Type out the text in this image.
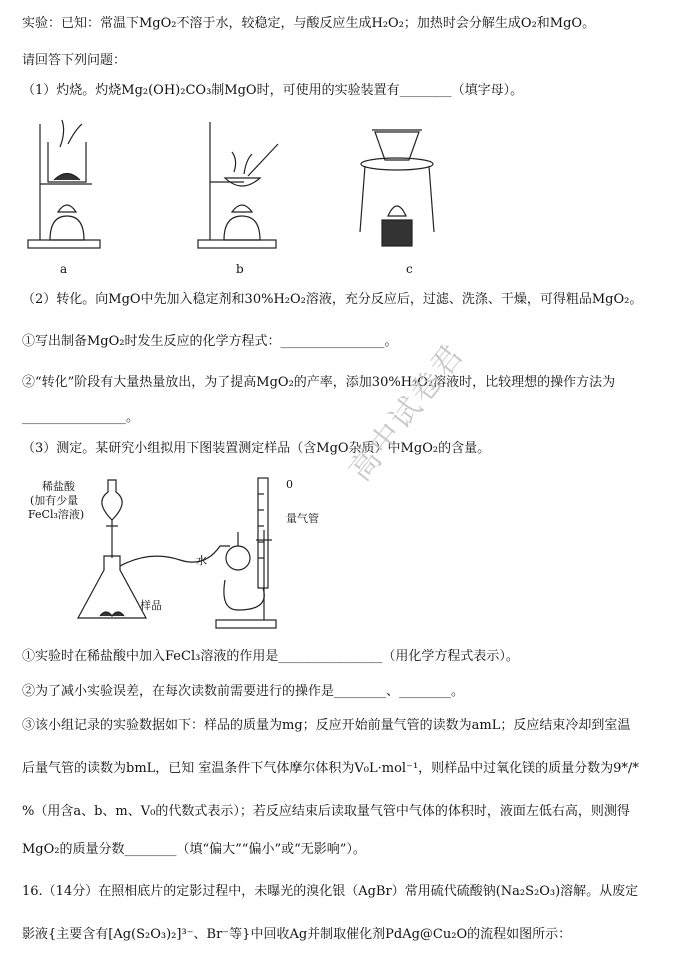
实验：已知：常温下MgO₂不溶于水，较稳定，与酸反应生成H₂O₂；加热时会分解生成O₂和MgO。
请回答下列问题：
（1）灼烧。灼烧Mg₂(OH)₂CO₃制MgO时，可使用的实验装置有________（填字母）。
a	b	c
（2）转化。向MgO中先加入稳定剂和30%H₂O₂溶液，充分反应后，过滤、洗涤、干燥，可得粗品MgO₂。
①写出制备MgO₂时发生反应的化学方程式：________________。
②“转化”阶段有大量热量放出，为了提高MgO₂的产率，添加30%H₂O₂溶液时，比较理想的操作方法为
________________。
（3）测定。某研究小组拟用下图装置测定样品（含MgO杂质）中MgO₂的含量。
稀盐酸
(加有少量
FeCl₃溶液)
样品
水
量气管
0
①实验时在稀盐酸中加入FeCl₃溶液的作用是________________（用化学方程式表示）。
②为了减小实验误差，在每次读数前需要进行的操作是________、________。
③该小组记录的实验数据如下：样品的质量为mg；反应开始前量气管的读数为amL；反应结束冷却到室温
后量气管的读数为bmL，已知 室温条件下气体摩尔体积为V₀L·mol⁻¹，则样品中过氧化镁的质量分数为9*/*
%（用含a、b、m、V₀的代数式表示）；若反应结束后读取量气管中气体的体积时，液面左低右高，则测得
MgO₂的质量分数________（填“偏大”“偏小”或“无影响”）。
16.（14分）在照相底片的定影过程中，未曝光的溴化银（AgBr）常用硫代硫酸钠(Na₂S₂O₃)溶解。从废定
影液{主要含有[Ag(S₂O₃)₂]³⁻、Br⁻等}中回收Ag并制取催化剂PdAg@Cu₂O的流程如图所示：
高中试卷君
